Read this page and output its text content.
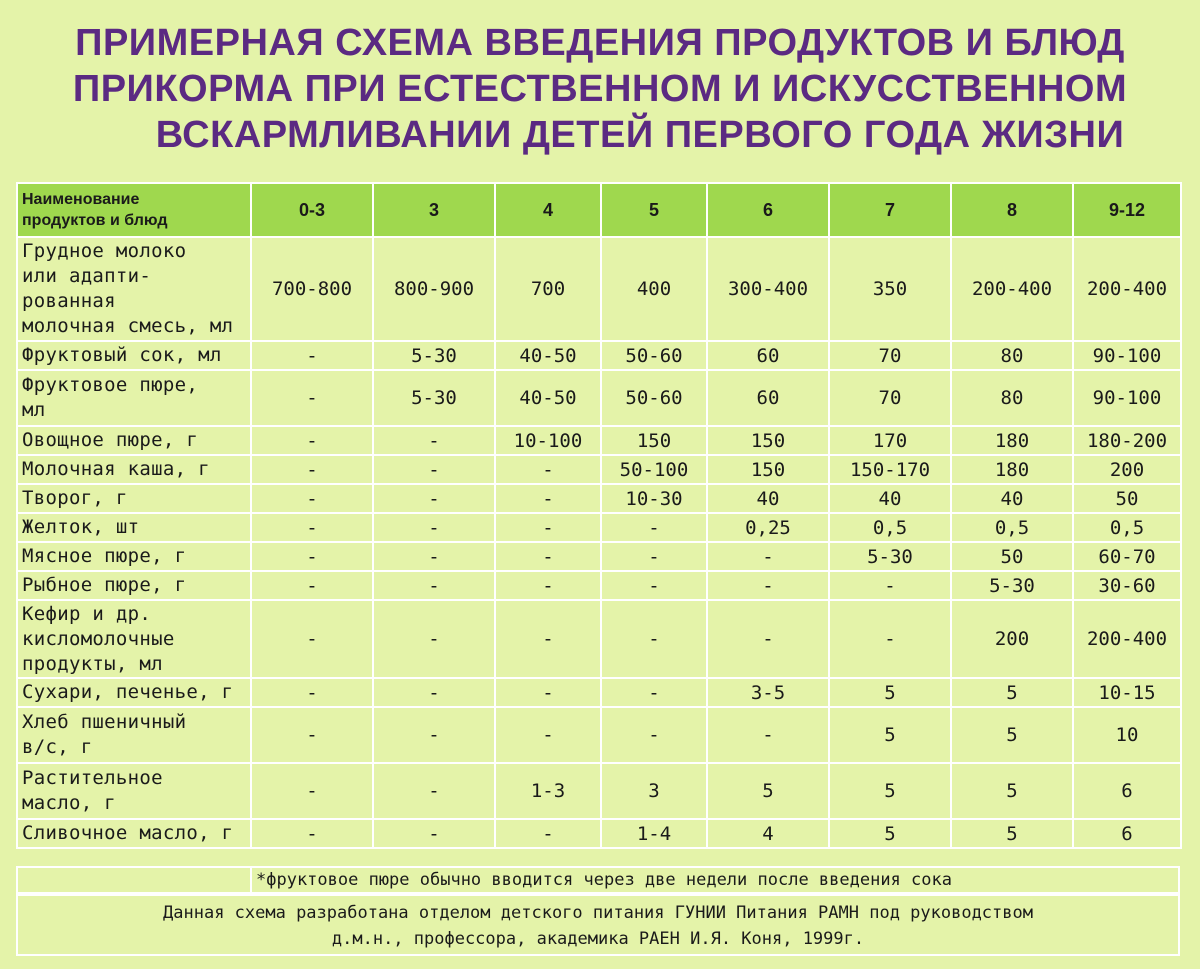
ПРИМЕРНАЯ СХЕМА ВВЕДЕНИЯ ПРОДУКТОВ И БЛЮД
ПРИКОРМА ПРИ ЕСТЕСТВЕННОМ И ИСКУССТВЕННОМ
ВСКАРМЛИВАНИИ ДЕТЕЙ ПЕРВОГО ГОДА ЖИЗНИ
Наименование
продуктов и блюд	0-3	3	4	5	6	7	8	9-12

Грудное молоко
или адапти-
рованная
молочная смесь, мл	700-800	800-900	700	400	300-400	350	200-400	200-400

Фруктовый сок, мл	-	5-30	40-50	50-60	60	70	80	90-100

Фруктовое пюре,
мл	-	5-30	40-50	50-60	60	70	80	90-100

Овощное пюре, г	-	-	10-100	150	150	170	180	180-200

Молочная каша, г	-	-	-	50-100	150	150-170	180	200

Творог, г	-	-	-	10-30	40	40	40	50

Желток, шт	-	-	-	-	0,25	0,5	0,5	0,5

Мясное пюре, г	-	-	-	-	-	5-30	50	60-70

Рыбное пюре, г	-	-	-	-	-	-	5-30	30-60

Кефир и др.
кисломолочные
продукты, мл	-	-	-	-	-	-	200	200-400

Сухари, печенье, г	-	-	-	-	3-5	5	5	10-15

Хлеб пшеничный
в/с, г	-	-	-	-	-	5	5	10

Растительное
масло, г	-	-	1-3	3	5	5	5	6

Сливочное масло, г	-	-	-	1-4	4	5	5	6
*фруктовое пюре обычно вводится через две недели после введения сока
Данная схема разработана отделом детского питания ГУНИИ Питания РАМН под руководством
д.м.н., профессора, академика РАЕН И.Я. Коня, 1999г.
